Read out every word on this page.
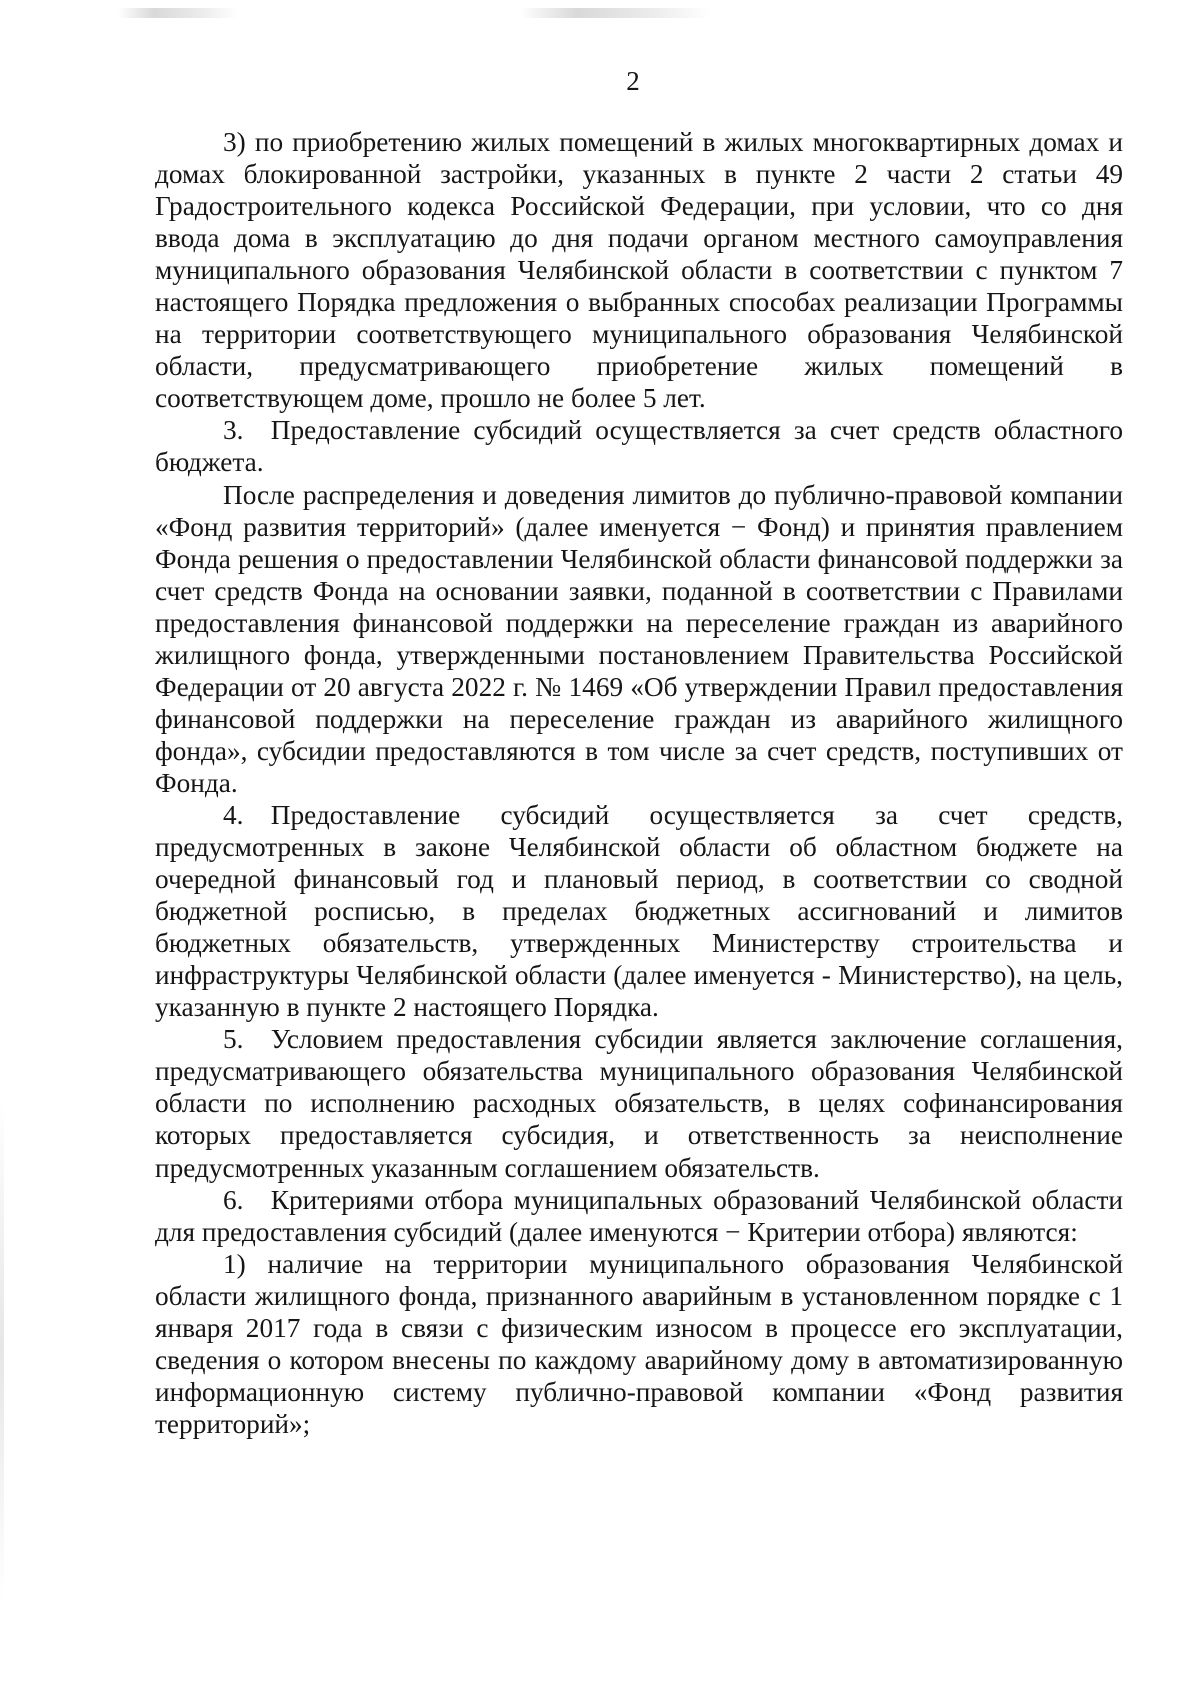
2

3) по приобретению жилых помещений в жилых многоквартирных домах и домах блокированной застройки, указанных в пункте 2 части 2 статьи 49 Градостроительного кодекса Российской Федерации, при условии, что со дня ввода дома в эксплуатацию до дня подачи органом местного самоуправления муниципального образования Челябинской области в соответствии с пунктом 7 настоящего Порядка предложения о выбранных способах реализации Программы на территории соответствующего муниципального образования Челябинской области, предусматривающего приобретение жилых помещений в соответствующем доме, прошло не более 5 лет.

3. Предоставление субсидий осуществляется за счет средств областного бюджета.

После распределения и доведения лимитов до публично-правовой компании «Фонд развития территорий» (далее именуется − Фонд) и принятия правлением Фонда решения о предоставлении Челябинской области финансовой поддержки за счет средств Фонда на основании заявки, поданной в соответствии с Правилами предоставления финансовой поддержки на переселение граждан из аварийного жилищного фонда, утвержденными постановлением Правительства Российской Федерации от 20 августа 2022 г. № 1469 «Об утверждении Правил предоставления финансовой поддержки на переселение граждан из аварийного жилищного фонда», субсидии предоставляются в том числе за счет средств, поступивших от Фонда.

4. Предоставление субсидий осуществляется за счет средств, предусмотренных в законе Челябинской области об областном бюджете на очередной финансовый год и плановый период, в соответствии со сводной бюджетной росписью, в пределах бюджетных ассигнований и лимитов бюджетных обязательств, утвержденных Министерству строительства и инфраструктуры Челябинской области (далее именуется - Министерство), на цель, указанную в пункте 2 настоящего Порядка.

5. Условием предоставления субсидии является заключение соглашения, предусматривающего обязательства муниципального образования Челябинской области по исполнению расходных обязательств, в целях софинансирования которых предоставляется субсидия, и ответственность за неисполнение предусмотренных указанным соглашением обязательств.

6. Критериями отбора муниципальных образований Челябинской области для предоставления субсидий (далее именуются − Критерии отбора) являются:

1) наличие на территории муниципального образования Челябинской области жилищного фонда, признанного аварийным в установленном порядке с 1 января 2017 года в связи с физическим износом в процессе его эксплуатации, сведения о котором внесены по каждому аварийному дому в автоматизированную информационную систему публично-правовой компании «Фонд развития территорий»;
